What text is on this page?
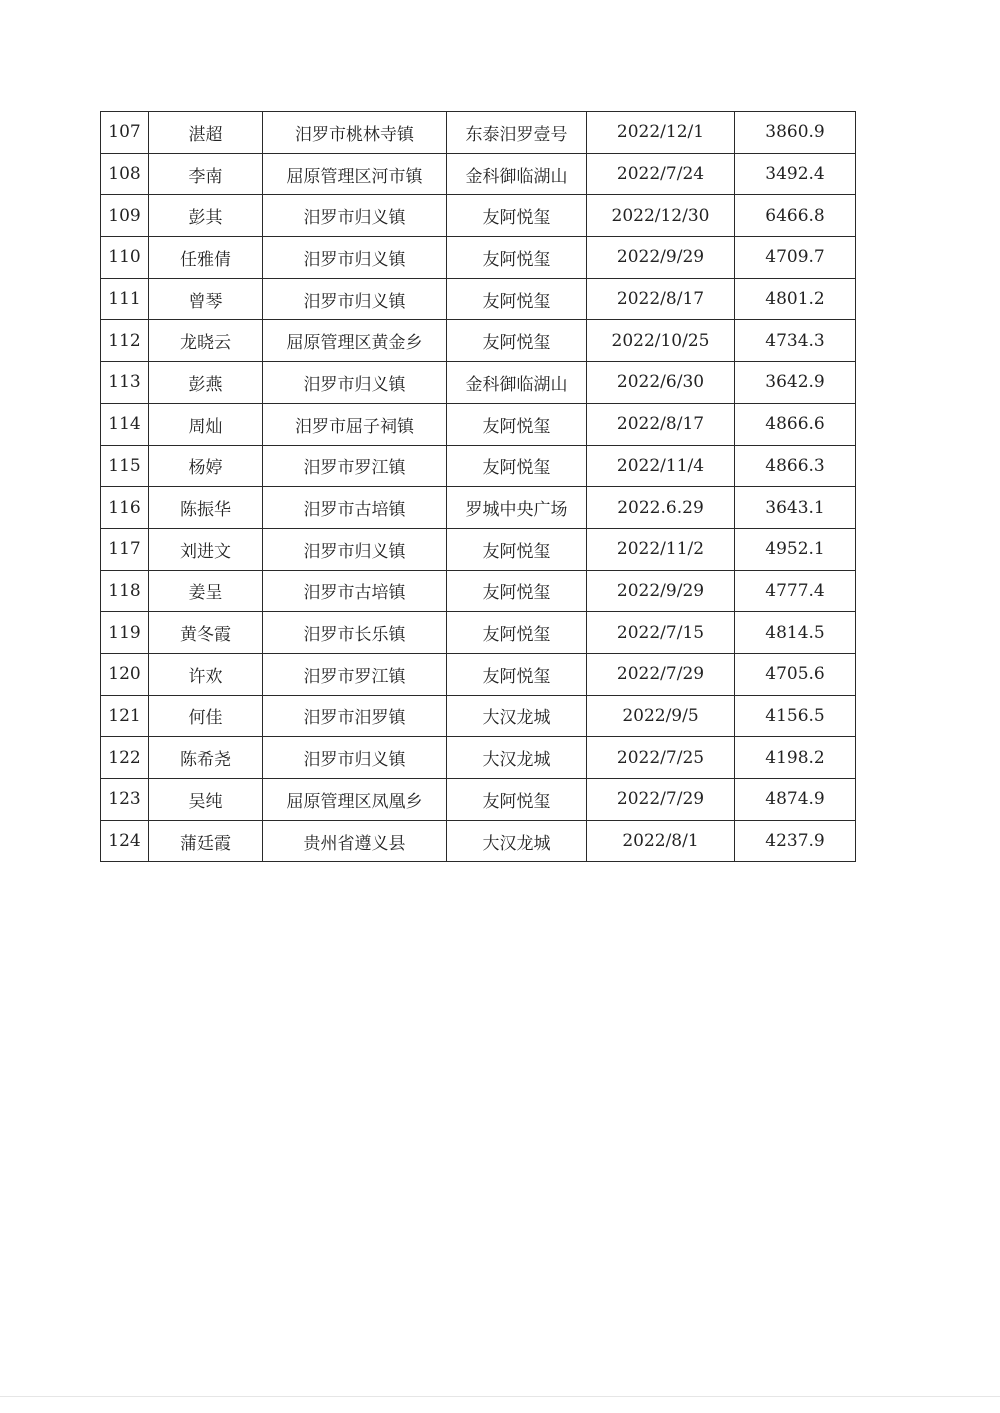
107	湛超	汨罗市桃林寺镇	东泰汨罗壹号	2022/12/1	3860.9
108	李南	屈原管理区河市镇	金科御临湖山	2022/7/24	3492.4
109	彭其	汨罗市归义镇	友阿悦玺	2022/12/30	6466.8
110	任雅倩	汨罗市归义镇	友阿悦玺	2022/9/29	4709.7
111	曾琴	汨罗市归义镇	友阿悦玺	2022/8/17	4801.2
112	龙晓云	屈原管理区黄金乡	友阿悦玺	2022/10/25	4734.3
113	彭燕	汨罗市归义镇	金科御临湖山	2022/6/30	3642.9
114	周灿	汨罗市屈子祠镇	友阿悦玺	2022/8/17	4866.6
115	杨婷	汨罗市罗江镇	友阿悦玺	2022/11/4	4866.3
116	陈振华	汨罗市古培镇	罗城中央广场	2022.6.29	3643.1
117	刘进文	汨罗市归义镇	友阿悦玺	2022/11/2	4952.1
118	姜呈	汨罗市古培镇	友阿悦玺	2022/9/29	4777.4
119	黄冬霞	汨罗市长乐镇	友阿悦玺	2022/7/15	4814.5
120	许欢	汨罗市罗江镇	友阿悦玺	2022/7/29	4705.6
121	何佳	汨罗市汨罗镇	大汉龙城	2022/9/5	4156.5
122	陈希尧	汨罗市归义镇	大汉龙城	2022/7/25	4198.2
123	吴纯	屈原管理区凤凰乡	友阿悦玺	2022/7/29	4874.9
124	蒲廷霞	贵州省遵义县	大汉龙城	2022/8/1	4237.9
